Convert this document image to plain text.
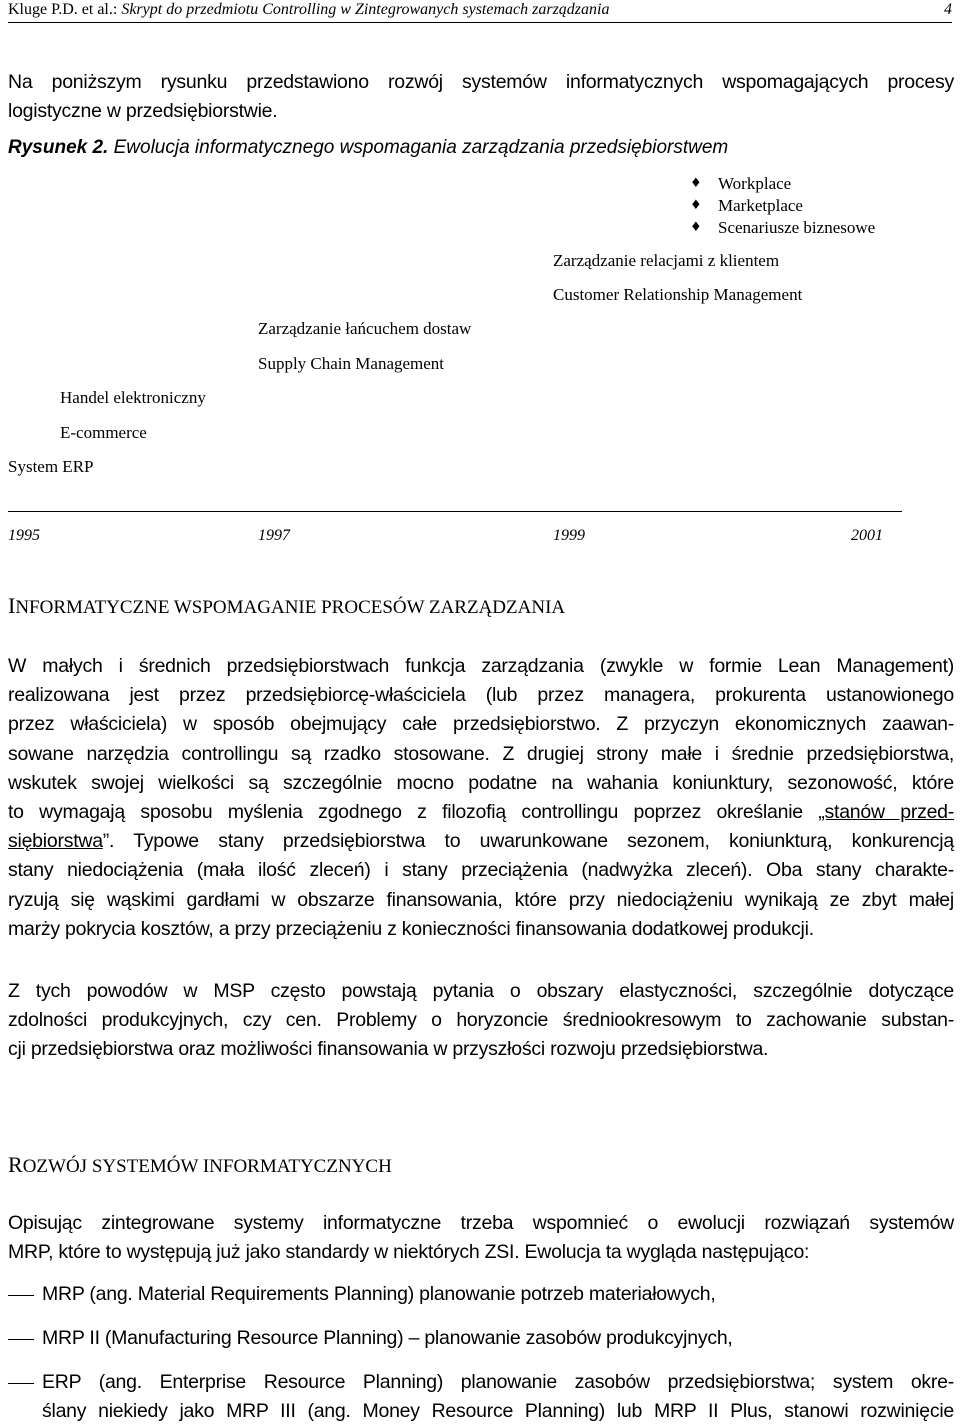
Kluge P.D. et al.: Skrypt do przedmiotu Controlling w Zintegrowanych systemach zarządzania	4
Na poniższym rysunku przedstawiono rozwój systemów informatycznych wspomagających procesy
logistyczne w przedsiębiorstwie.
Rysunek 2. Ewolucja informatycznego wspomagania zarządzania przedsiębiorstwem
♦ Workplace
♦ Marketplace
♦ Scenariusze biznesowe
Zarządzanie relacjami z klientem
Customer Relationship Management
Zarządzanie łańcuchem dostaw
Supply Chain Management
Handel elektroniczny
E-commerce
System ERP
1995	1997	1999	2001
INFORMATYCZNE WSPOMAGANIE PROCESÓW ZARZĄDZANIA
W małych i średnich przedsiębiorstwach funkcja zarządzania (zwykle w formie Lean Management)
realizowana jest przez przedsiębiorcę-właściciela (lub przez managera, prokurenta ustanowionego
przez właściciela) w sposób obejmujący całe przedsiębiorstwo. Z przyczyn ekonomicznych zaawan-
sowane narzędzia controllingu są rzadko stosowane. Z drugiej strony małe i średnie przedsiębiorstwa,
wskutek swojej wielkości są szczególnie mocno podatne na wahania koniunktury, sezonowość, które
to wymagają sposobu myślenia zgodnego z filozofią controllingu poprzez określanie „stanów przed-
siębiorstwa”. Typowe stany przedsiębiorstwa to uwarunkowane sezonem, koniunkturą, konkurencją
stany niedociążenia (mała ilość zleceń) i stany przeciążenia (nadwyżka zleceń). Oba stany charakte-
ryzują się wąskimi gardłami w obszarze finansowania, które przy niedociążeniu wynikają ze zbyt małej
marży pokrycia kosztów, a przy przeciążeniu z konieczności finansowania dodatkowej produkcji.
Z tych powodów w MSP często powstają pytania o obszary elastyczności, szczególnie dotyczące
zdolności produkcyjnych, czy cen. Problemy o horyzoncie średniookresowym to zachowanie substan-
cji przedsiębiorstwa oraz możliwości finansowania w przyszłości rozwoju przedsiębiorstwa.
ROZWÓJ SYSTEMÓW INFORMATYCZNYCH
Opisując zintegrowane systemy informatyczne trzeba wspomnieć o ewolucji rozwiązań systemów
MRP, które to występują już jako standardy w niektórych ZSI. Ewolucja ta wygląda następująco:
MRP (ang. Material Requirements Planning) planowanie potrzeb materiałowych,
MRP II (Manufacturing Resource Planning) – planowanie zasobów produkcyjnych,
ERP (ang. Enterprise Resource Planning) planowanie zasobów przedsiębiorstwa; system okre-
ślany niekiedy jako MRP III (ang. Money Resource Planning) lub MRP II Plus, stanowi rozwinięcie
